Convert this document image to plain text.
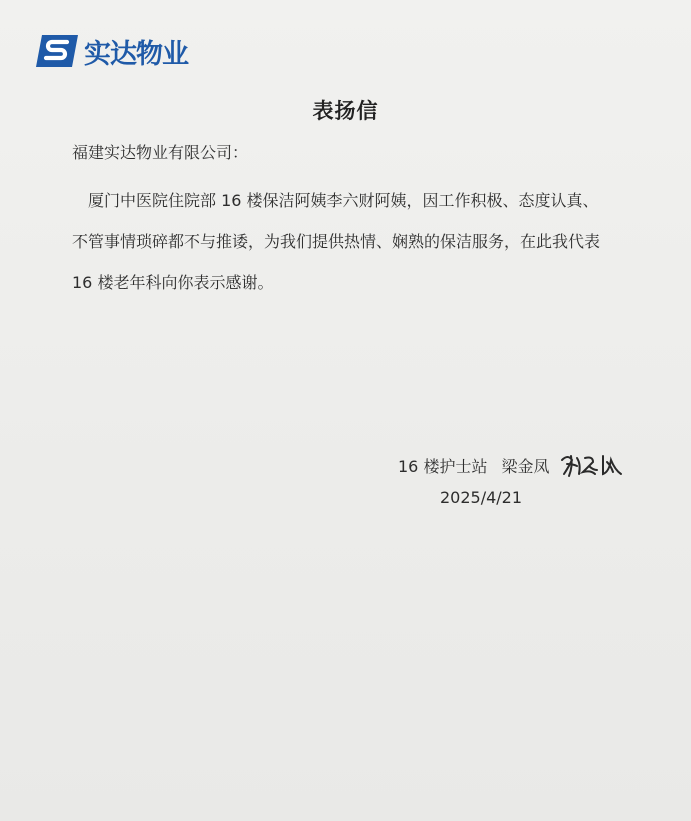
实达物业
表扬信
福建实达物业有限公司：
厦门中医院住院部 16 楼保洁阿姨李六财阿姨，因工作积极、态度认真、不管事情琐碎都不与推诿，为我们提供热情、娴熟的保洁服务，在此我代表 16 楼老年科向你表示感谢。
16 楼护士站 梁金凤
2025/4/21
